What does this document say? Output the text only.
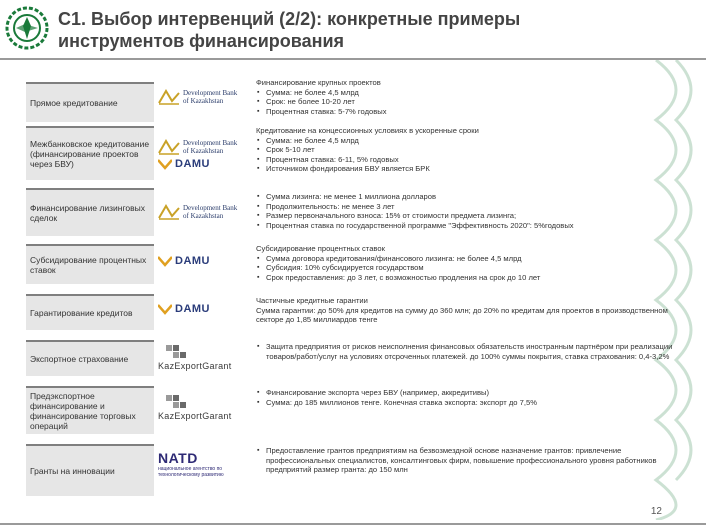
С1. Выбор интервенций (2/2): конкретные примеры
инструментов финансирования
Прямое кредитование
Development Bank
of Kazakhstan
Финансирование крупных проектов
▪ Сумма: не более 4,5 млрд
▪ Срок: не более 10-20 лет
▪ Процентная ставка: 5-7% годовых
Межбанковское кредитование (финансирование проектов через БВУ)
Development Bank
of Kazakhstan
DAMU
Кредитование на концессионных условиях в ускоренные сроки
▪ Сумма: не более 4,5 млрд
▪ Срок 5-10 лет
▪ Процентная ставка: 6-11, 5% годовых
▪ Источником фондирования БВУ является БРК
Финансирование лизинговых сделок
Development Bank
of Kazakhstan
▪ Сумма лизинга: не менее 1 миллиона долларов
▪ Продолжительность: не менее 3 лет
▪ Размер первоначального взноса: 15% от стоимости предмета лизинга;
▪ Процентная ставка по государственной программе "Эффективность 2020": 5%годовых
Субсидирование процентных ставок
DAMU
Субсидирование процентных ставок
▪ Сумма договора кредитования/финансового лизинга: не более 4,5 млрд
▪ Субсидия: 10% субсидируется государством
▪ Срок предоставления: до 3 лет, с возможностью продления на срок до 10 лет
Гарантирование кредитов	DAMU
Частичные кредитные гарантии
Сумма гарантии: до 50% для кредитов на сумму до 360 млн; до 20% по кредитам для проектов в производственном секторе до 1,85 миллиардов тенге
Экспортное страхование
KazExportGarant
▪ Защита предприятия от рисков неисполнения финансовых обязательств иностранным партнёром при реализации товаров/работ/услуг на условиях отсроченных платежей. до 100% суммы покрытия, ставка страхования: 0,4-3,2%
Предэкспортное финансирование и финансирование торговых операций
KazExportGarant
▪ Финансирование экспорта через БВУ (например, аккредитивы)
▪ Сумма: до 185 миллионов тенге. Конечная ставка экспорта: экспорт до 7,5%
Гранты на инновации
NATD
национальное агентство по технологическому развитию
▪ Предоставление грантов предприятиям на безвозмездной основе назначение грантов: привлечение профессиональных специалистов, консалтинговых фирм, повышение профессионального уровня работников предприятий размер гранта: до 150 млн
12
